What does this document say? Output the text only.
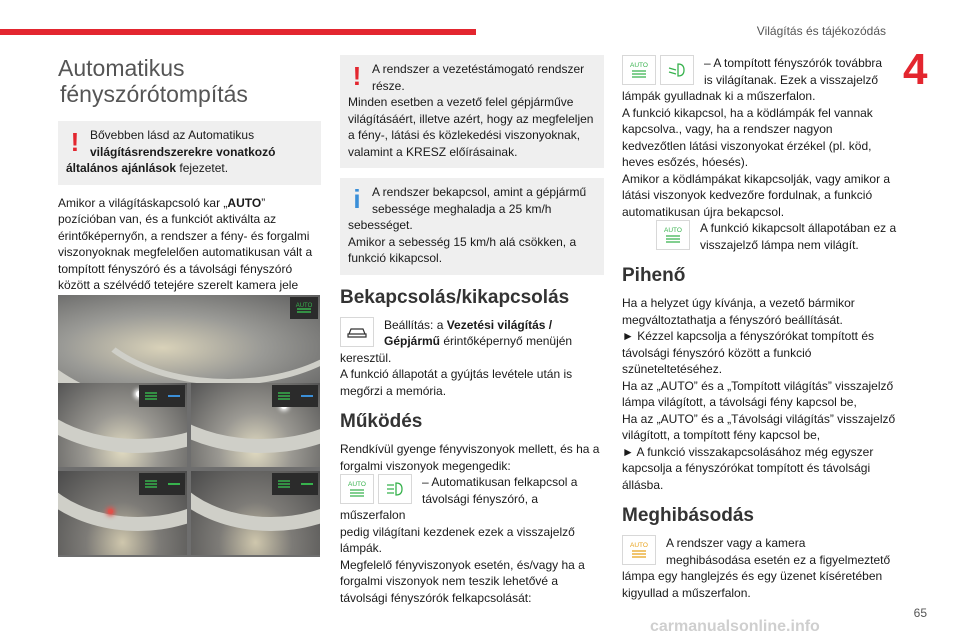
Világítás és tájékozódás
4
65
carmanualsonline.info
Automatikus
fényszórótompítás
! Bővebben lásd az Automatikus
világításrendszerekre vonatkozó
általános ajánlások fejezetet.

Amikor a világításkapcsoló kar „AUTO” pozícióban van, és a funkciót aktiválta az érintőképernyőn, a rendszer a fény- és forgalmi viszonyoknak megfelelően automatikusan vált a tompított fényszóró és a távolsági fényszóró között a szélvédő tetejére szerelt kamera jele

AUTO
! A rendszer a vezetéstámogató rendszer
része.
Minden esetben a vezető felel gépjárműve világításáért, illetve azért, hogy az megfeleljen a fény-, látási és közlekedési viszonyoknak, valamint a KRESZ előírásainak.
i A rendszer bekapcsol, amint a gépjármű
sebessége meghaladja a 25 km/h
sebességet.
Amikor a sebesség 15 km/h alá csökken, a funkció kikapcsol.
Bekapcsolás/kikapcsolás
Beállítás: a Vezetési világítás /
Gépjármű érintőképernyő menüjén
keresztül.
A funkció állapotát a gyújtás levétele után is megőrzi a memória.
Működés

Rendkívül gyenge fényviszonyok mellett, és ha a forgalmi viszonyok megengedik:

AUTO	– Automatikusan felkapcsol a
távolsági fényszóró, a műszerfalon
pedig világítani kezdenek ezek a visszajelző lámpák.

Megfelelő fényviszonyok esetén, és/vagy ha a forgalmi viszonyok nem teszik lehetővé a távolsági fényszórók felkapcsolását:

AUTO	– A tompított fényszórók továbbra
is világítanak. Ezek a visszajelző
lámpák gyulladnak ki a műszerfalon.

A funkció kikapcsol, ha a ködlámpák fel vannak kapcsolva., vagy, ha a rendszer nagyon kedvezőtlen látási viszonyokat érzékel (pl. köd, heves esőzés, hóesés).

Amikor a ködlámpákat kikapcsolják, vagy amikor a látási viszonyok kedvezőre fordulnak, a funkció automatikusan újra bekapcsol.

AUTO	A funkció kikapcsolt állapotában ez a
visszajelző lámpa nem világít.
Pihenő

Ha a helyzet úgy kívánja, a vezető bármikor megváltoztathatja a fényszóró beállítását.

► Kézzel kapcsolja a fényszórókat tompított és távolsági fényszóró között a funkció szüneteltetéséhez.

Ha az „AUTO” és a „Tompított világítás” visszajelző lámpa világított, a távolsági fény kapcsol be,

Ha az „AUTO” és a „Távolsági világítás” visszajelző világított, a tompított fény kapcsol be,

► A funkció visszakapcsolásához még egyszer kapcsolja a fényszórókat tompított és távolsági állásba.

Meghibásodás
AUTO	A rendszer vagy a kamera
meghibásodása esetén ez a figyelmeztető
lámpa egy hanglejzés és egy üzenet kíséretében kigyullad a műszerfalon.
